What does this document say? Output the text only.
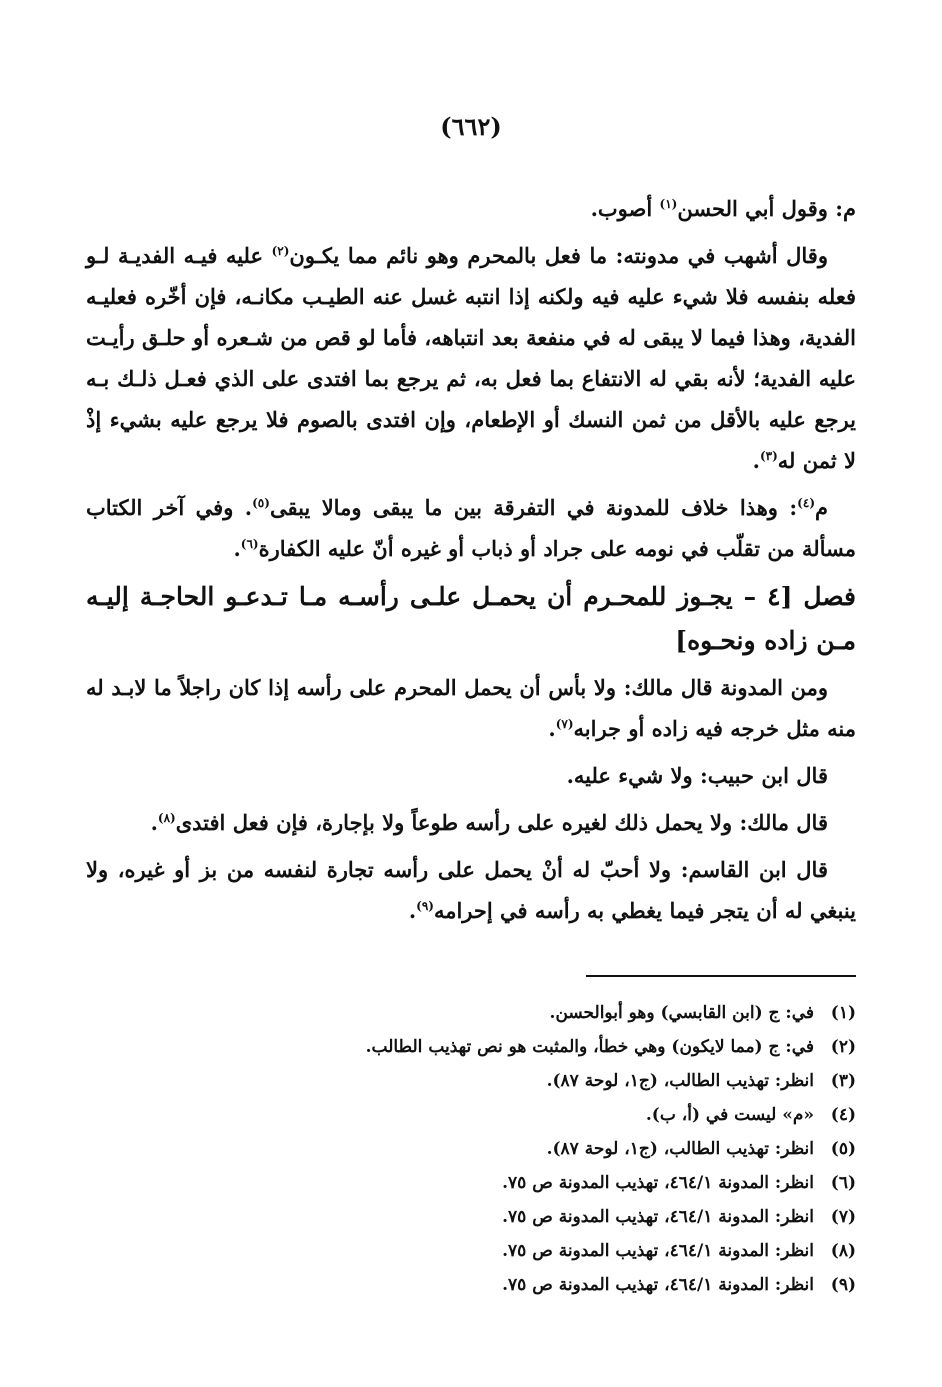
(٦٦٢)

م: وقول أبي الحسن$^{(١)}$ أصوب.

وقال أشهب في مدونته: ما فعل بالمحرم وهو نائم مما يكـون$^{(٢)}$ عليه فيـه الفديـة لـو فعله بنفسه فلا شيء عليه فيه ولكنه إذا انتبه غسل عنه الطيـب مكانـه، فإن أخّره فعليـه الفدية، وهذا فيما لا يبقى له في منفعة بعد انتباهه، فأما لو قص من شـعره أو حلـق رأيـت عليه الفدية؛ لأنه بقي له الانتفاع بما فعل به، ثم يرجع بما افتدى على الذي فعـل ذلـك بـه يرجع عليه بالأقل من ثمن النسك أو الإطعام، وإن افتدى بالصوم فلا يرجع عليه بشيء إذْ لا ثمن له$^{(٣)}$.

م$^{(٤)}$: وهذا خلاف للمدونة في التفرقة بين ما يبقى ومالا يبقى$^{(٥)}$. وفي آخر الكتاب مسألة من تقلّب في نومه على جراد أو ذباب أو غيره أنّ عليه الكفارة$^{(٦)}$.

فصل [٤ – يجـوز للمحـرم أن يحمـل علـى رأسـه مـا تـدعـو الحاجـة إليـه مـن زاده ونحـوه]

ومن المدونة قال مالك: ولا بأس أن يحمل المحرم على رأسه إذا كان راجلاً ما لابـد له منه مثل خرجه فيه زاده أو جرابه$^{(٧)}$.

قال ابن حبيب: ولا شيء عليه.

قال مالك: ولا يحمل ذلك لغيره على رأسه طوعاً ولا بإجارة، فإن فعل افتدى$^{(٨)}$.

قال ابن القاسم: ولا أحبّ له أنْ يحمل على رأسه تجارة لنفسه من بز أو غيره، ولا ينبغي له أن يتجر فيما يغطي به رأسه في إحرامه$^{(٩)}$.

(١)
في: ج (ابن القابسي) وهو أبوالحسن.
(٢)
في: ج (مما لايكون) وهي خطأ، والمثبت هو نص تهذيب الطالب.
(٣)
انظر: تهذيب الطالب، (ج١، لوحة ٨٧).
(٤)
«م» ليست في (أ، ب).
(٥)
انظر: تهذيب الطالب، (ج١، لوحة ٨٧).
(٦)
انظر: المدونة ٤٦٤/١، تهذيب المدونة ص ٧٥.
(٧)
انظر: المدونة ٤٦٤/١، تهذيب المدونة ص ٧٥.
(٨)
انظر: المدونة ٤٦٤/١، تهذيب المدونة ص ٧٥.
(٩)
انظر: المدونة ٤٦٤/١، تهذيب المدونة ص ٧٥.
